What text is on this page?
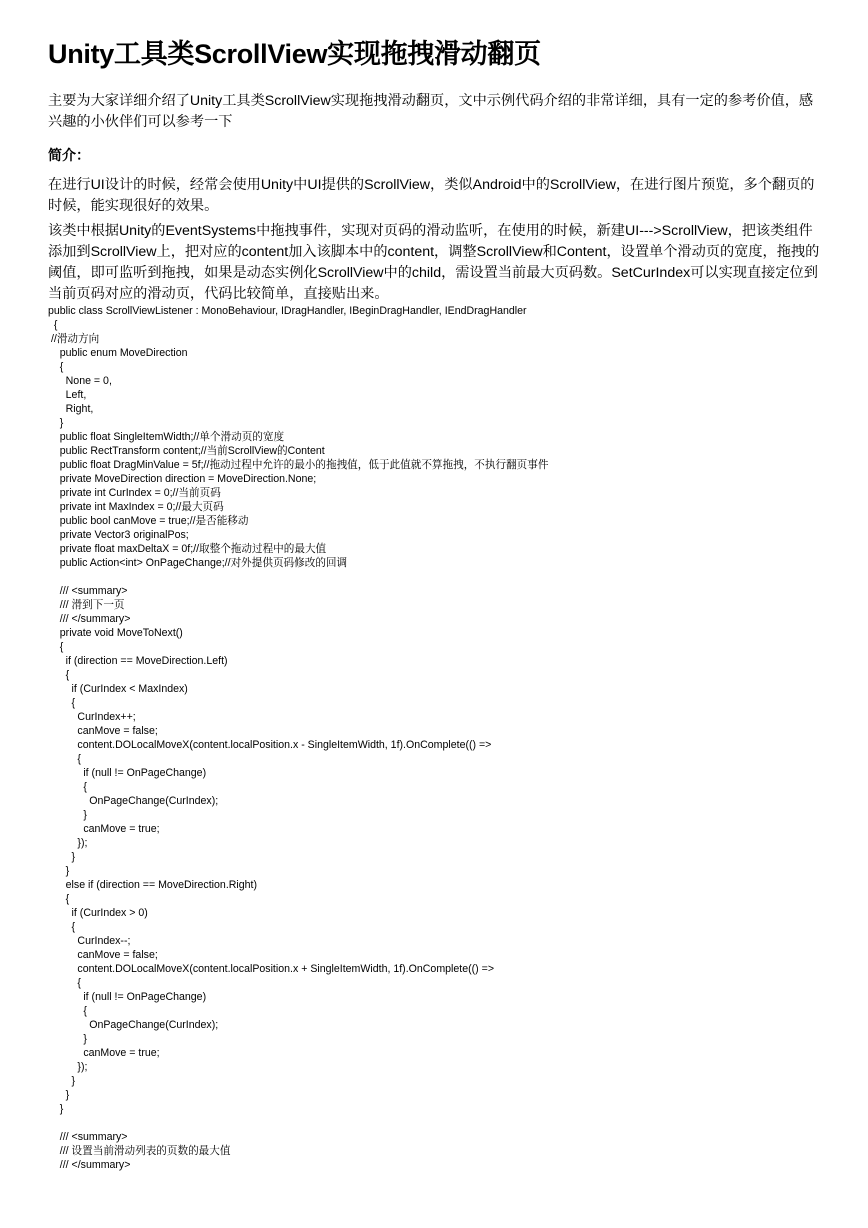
Unity工具类ScrollView实现拖拽滑动翻页

主要为大家详细介绍了Unity工具类ScrollView实现拖拽滑动翻页，文中示例代码介绍的非常详细，具有一定的参考价值，感兴趣的小伙伴们可以参考一下

简介：

在进行UI设计的时候，经常会使用Unity中UI提供的ScrollView，类似Android中的ScrollView，在进行图片预览，多个翻页的时候，能实现很好的效果。

该类中根据Unity的EventSystems中拖拽事件，实现对页码的滑动监听，在使用的时候，新建UI--->ScrollView，把该类组件添加到ScrollView上，把对应的content加入该脚本中的content，调整ScrollView和Content，设置单个滑动页的宽度，拖拽的阈值，即可监听到拖拽，如果是动态实例化ScrollView中的child，需设置当前最大页码数。SetCurIndex可以实现直接定位到当前页码对应的滑动页，代码比较简单，直接贴出来。

public class ScrollViewListener : MonoBehaviour, IDragHandler, IBeginDragHandler, IEndDragHandler
{
//滑动方向
public enum MoveDirection
{
None = 0,
Left,
Right,
}
public float SingleItemWidth;//单个滑动页的宽度
public RectTransform content;//当前ScrollView的Content
public float DragMinValue = 5f;//拖动过程中允许的最小的拖拽值，低于此值就不算拖拽，不执行翻页事件
private MoveDirection direction = MoveDirection.None;
private int CurIndex = 0;//当前页码
private int MaxIndex = 0;//最大页码
public bool canMove = true;//是否能移动
private Vector3 originalPos;
private float maxDeltaX = 0f;//取整个拖动过程中的最大值
public Action<int> OnPageChange;//对外提供页码修改的回调
/// <summary>
/// 滑到下一页
/// </summary>
private void MoveToNext()
{
if (direction == MoveDirection.Left)
{
if (CurIndex < MaxIndex)
{
CurIndex++;
canMove = false;
content.DOLocalMoveX(content.localPosition.x - SingleItemWidth, 1f).OnComplete(() =>
{
if (null != OnPageChange)
{
OnPageChange(CurIndex);
}
canMove = true;
});
}
}
else if (direction == MoveDirection.Right)
{
if (CurIndex > 0)
{
CurIndex--;
canMove = false;
content.DOLocalMoveX(content.localPosition.x + SingleItemWidth, 1f).OnComplete(() =>
{
if (null != OnPageChange)
{
OnPageChange(CurIndex);
}
canMove = true;
});
}
}
}
/// <summary>
/// 设置当前滑动列表的页数的最大值
/// </summary>
